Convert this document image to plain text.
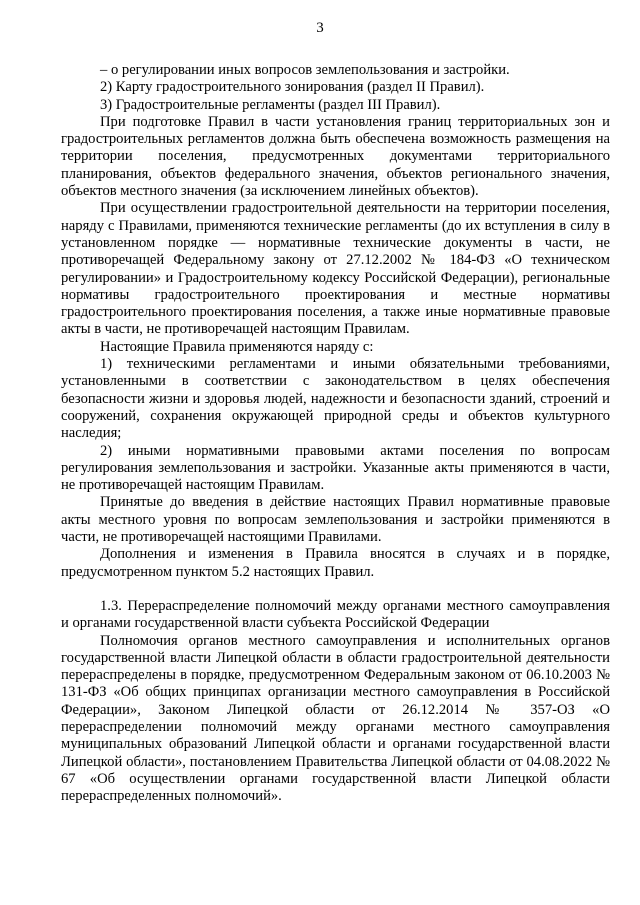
3

‒ о регулировании иных вопросов землепользования и застройки.

2) Карту градостроительного зонирования (раздел II Правил).

3) Градостроительные регламенты (раздел III Правил).

При подготовке Правил в части установления границ территориальных зон и градостроительных регламентов должна быть обеспечена возможность размещения на территории поселения, предусмотренных документами территориального планирования, объектов федерального значения, объектов регионального значения, объектов местного значения (за исключением линейных объектов).

При осуществлении градостроительной деятельности на территории поселения, наряду с Правилами, применяются технические регламенты (до их вступления в силу в установленном порядке — нормативные технические документы в части, не противоречащей Федеральному закону от 27.12.2002 № 184-ФЗ «О техническом регулировании» и Градостроительному кодексу Российской Федерации), региональные нормативы градостроительного проектирования и местные нормативы градостроительного проектирования поселения, а также иные нормативные правовые акты в части, не противоречащей настоящим Правилам.

Настоящие Правила применяются наряду с:

1) техническими регламентами и иными обязательными требованиями, установленными в соответствии с законодательством в целях обеспечения безопасности жизни и здоровья людей, надежности и безопасности зданий, строений и сооружений, сохранения окружающей природной среды и объектов культурного наследия;

2) иными нормативными правовыми актами поселения по вопросам регулирования землепользования и застройки. Указанные акты применяются в части, не противоречащей настоящим Правилам.

Принятые до введения в действие настоящих Правил нормативные правовые акты местного уровня по вопросам землепользования и застройки применяются в части, не противоречащей настоящими Правилами.

Дополнения и изменения в Правила вносятся в случаях и в порядке, предусмотренном пунктом 5.2 настоящих Правил.

1.3. Перераспределение полномочий между органами местного самоуправления и органами государственной власти субъекта Российской Федерации

Полномочия органов местного самоуправления и исполнительных органов государственной власти Липецкой области в области градостроительной деятельности перераспределены в порядке, предусмотренном Федеральным законом от 06.10.2003 № 131-ФЗ «Об общих принципах организации местного самоуправления в Российской Федерации», Законом Липецкой области от 26.12.2014 № 357-ОЗ «О перераспределении полномочий между органами местного самоуправления муниципальных образований Липецкой области и органами государственной власти Липецкой области», постановлением Правительства Липецкой области от 04.08.2022 № 67 «Об осуществлении органами государственной власти Липецкой области перераспределенных полномочий».
